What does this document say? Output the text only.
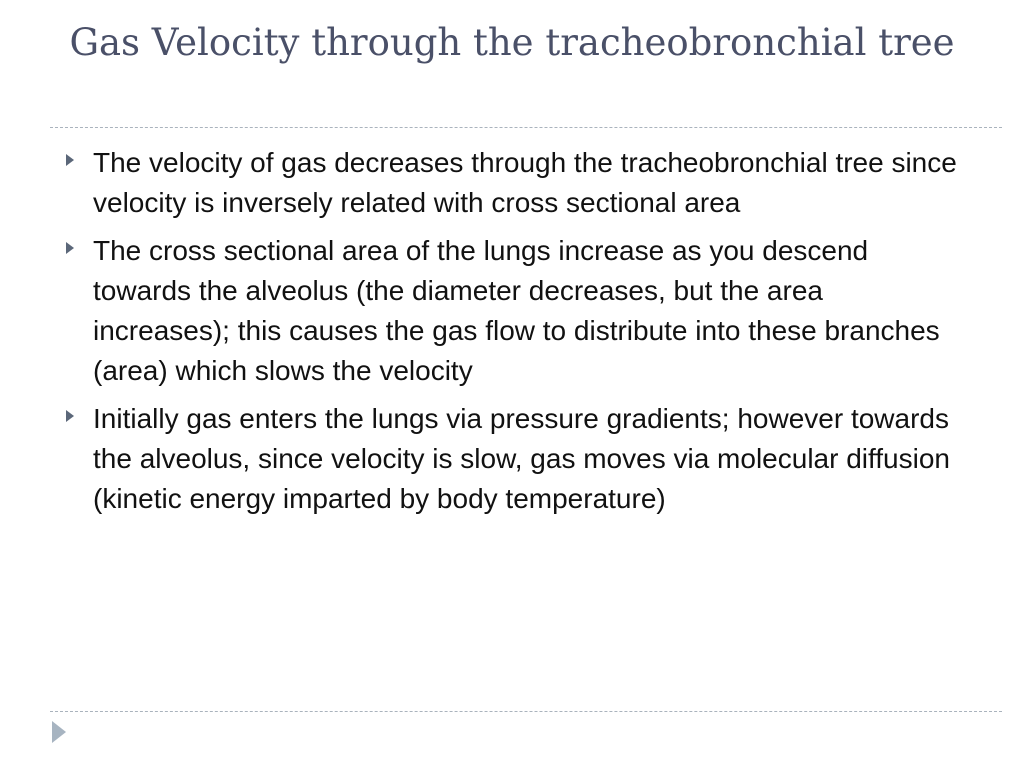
Gas Velocity through the tracheobronchial tree
The velocity of gas decreases through the tracheobronchial tree since velocity is inversely related with cross sectional area
The cross sectional area of the lungs increase as you descend towards the alveolus (the diameter decreases, but the area increases); this causes the gas flow to distribute into these branches (area) which slows the velocity
Initially gas enters the lungs via pressure gradients; however towards the alveolus, since velocity is slow, gas moves via molecular diffusion (kinetic energy imparted by body temperature)
